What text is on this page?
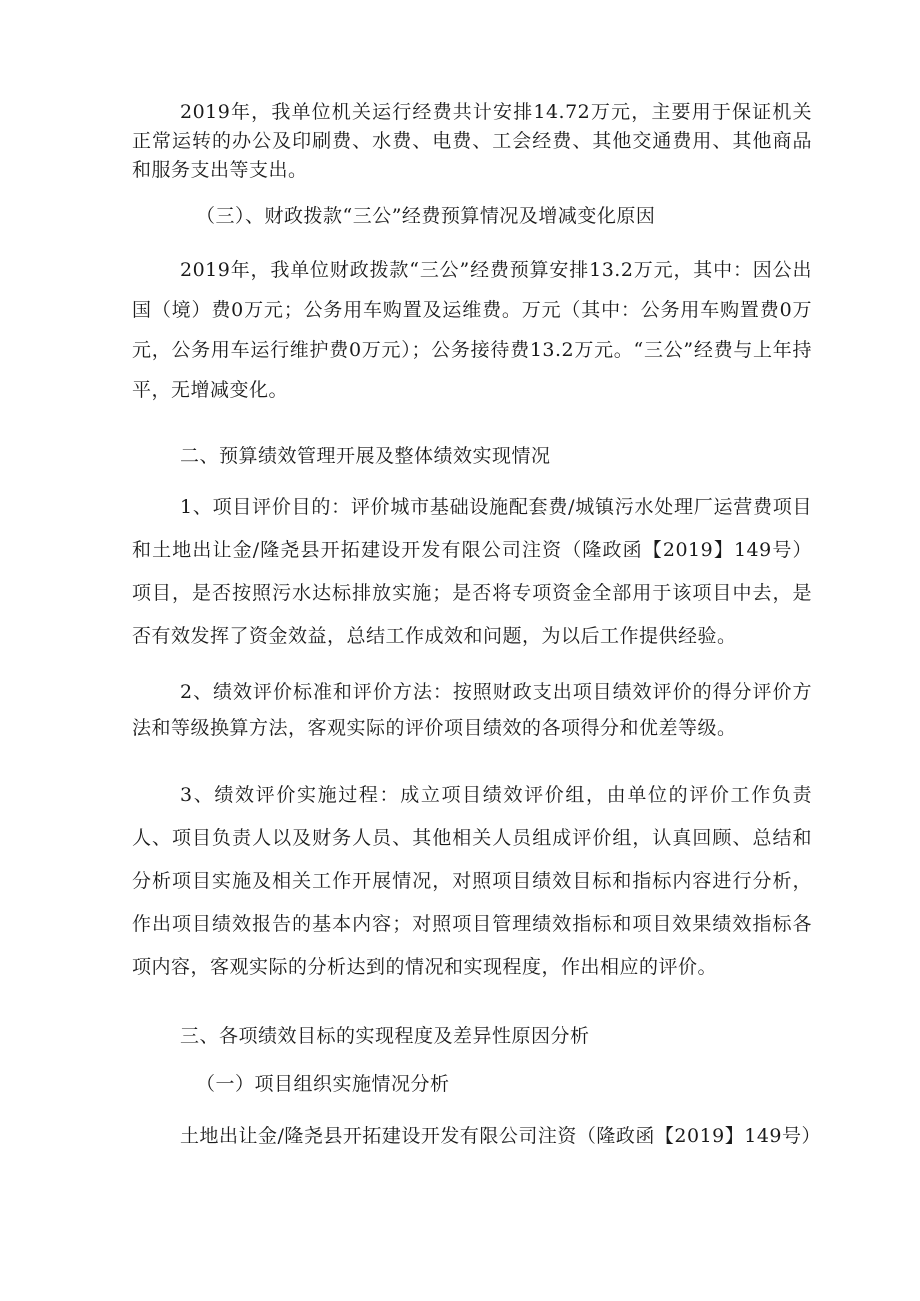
2019年，我单位机关运行经费共计安排14.72万元，主要用于保证机关正常运转的办公及印刷费、水费、电费、工会经费、其他交通费用、其他商品和服务支出等支出。

（三）、财政拨款“三公”经费预算情况及增减变化原因

2019年，我单位财政拨款“三公”经费预算安排13.2万元，其中：因公出国（境）费0万元；公务用车购置及运维费。万元（其中：公务用车购置费0万元，公务用车运行维护费0万元）；公务接待费13.2万元。“三公”经费与上年持平，无增减变化。

二、预算绩效管理开展及整体绩效实现情况

1、项目评价目的：评价城市基础设施配套费/城镇污水处理厂运营费项目和土地出让金/隆尧县开拓建设开发有限公司注资（隆政函【2019】149号）项目，是否按照污水达标排放实施；是否将专项资金全部用于该项目中去，是否有效发挥了资金效益，总结工作成效和问题，为以后工作提供经验。

2、绩效评价标准和评价方法：按照财政支出项目绩效评价的得分评价方法和等级换算方法，客观实际的评价项目绩效的各项得分和优差等级。

3、绩效评价实施过程：成立项目绩效评价组，由单位的评价工作负责人、项目负责人以及财务人员、其他相关人员组成评价组，认真回顾、总结和分析项目实施及相关工作开展情况，对照项目绩效目标和指标内容进行分析，作出项目绩效报告的基本内容；对照项目管理绩效指标和项目效果绩效指标各项内容，客观实际的分析达到的情况和实现程度，作出相应的评价。

三、各项绩效目标的实现程度及差异性原因分析

（一）项目组织实施情况分析

土地出让金/隆尧县开拓建设开发有限公司注资（隆政函【2019】149号）
